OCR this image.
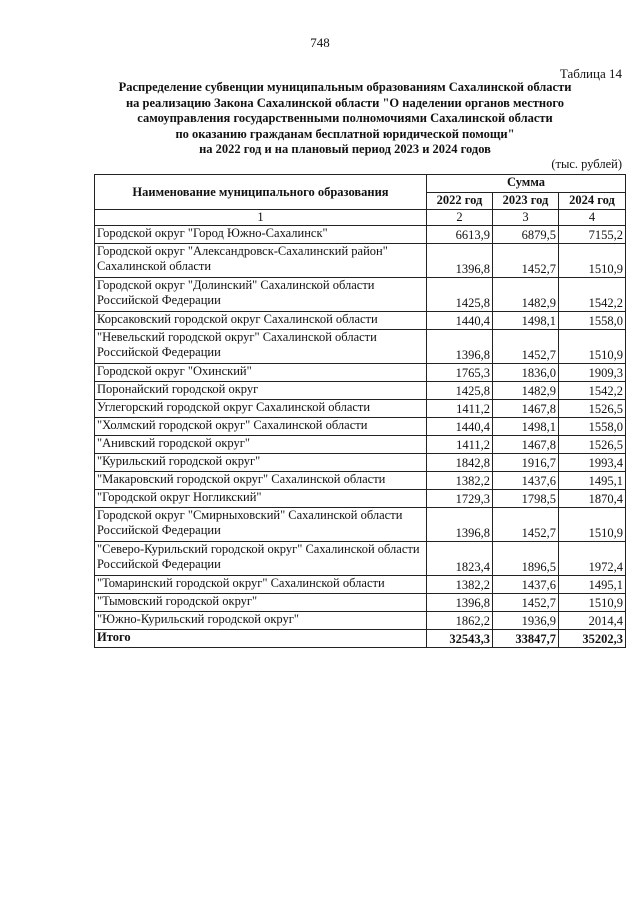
748
Таблица 14
Распределение субвенции муниципальным образованиям Сахалинской области
на реализацию Закона Сахалинской области "О наделении органов местного
самоуправления государственными полномочиями Сахалинской области
по оказанию гражданам бесплатной юридической помощи"
на 2022 год и на плановый период 2023 и 2024 годов
(тыс. рублей)
Наименование муниципального образования	Сумма		
	2022 год	2023 год	2024 год
1	2	3	4
Городской округ "Город Южно-Сахалинск"	6613,9	6879,5	7155,2
Городской округ "Александровск-Сахалинский район" Сахалинской области	1396,8	1452,7	1510,9
Городской округ "Долинский" Сахалинской области Российской Федерации	1425,8	1482,9	1542,2
Корсаковский городской округ Сахалинской области	1440,4	1498,1	1558,0
"Невельский городской округ" Сахалинской области Российской Федерации	1396,8	1452,7	1510,9
Городской округ "Охинский"	1765,3	1836,0	1909,3
Поронайский городской округ	1425,8	1482,9	1542,2
Углегорский городской округ Сахалинской области	1411,2	1467,8	1526,5
"Холмский городской округ" Сахалинской области	1440,4	1498,1	1558,0
"Анивский городской округ"	1411,2	1467,8	1526,5
"Курильский городской округ"	1842,8	1916,7	1993,4
"Макаровский городской округ" Сахалинской области	1382,2	1437,6	1495,1
"Городской округ Ногликский"	1729,3	1798,5	1870,4
Городской округ "Смирныховский" Сахалинской области Российской Федерации	1396,8	1452,7	1510,9
"Северо-Курильский городской округ" Сахалинской области Российской Федерации	1823,4	1896,5	1972,4
"Томаринский городской округ" Сахалинской области	1382,2	1437,6	1495,1
"Тымовский городской округ"	1396,8	1452,7	1510,9
"Южно-Курильский городской округ"	1862,2	1936,9	2014,4
Итого	32543,3	33847,7	35202,3
